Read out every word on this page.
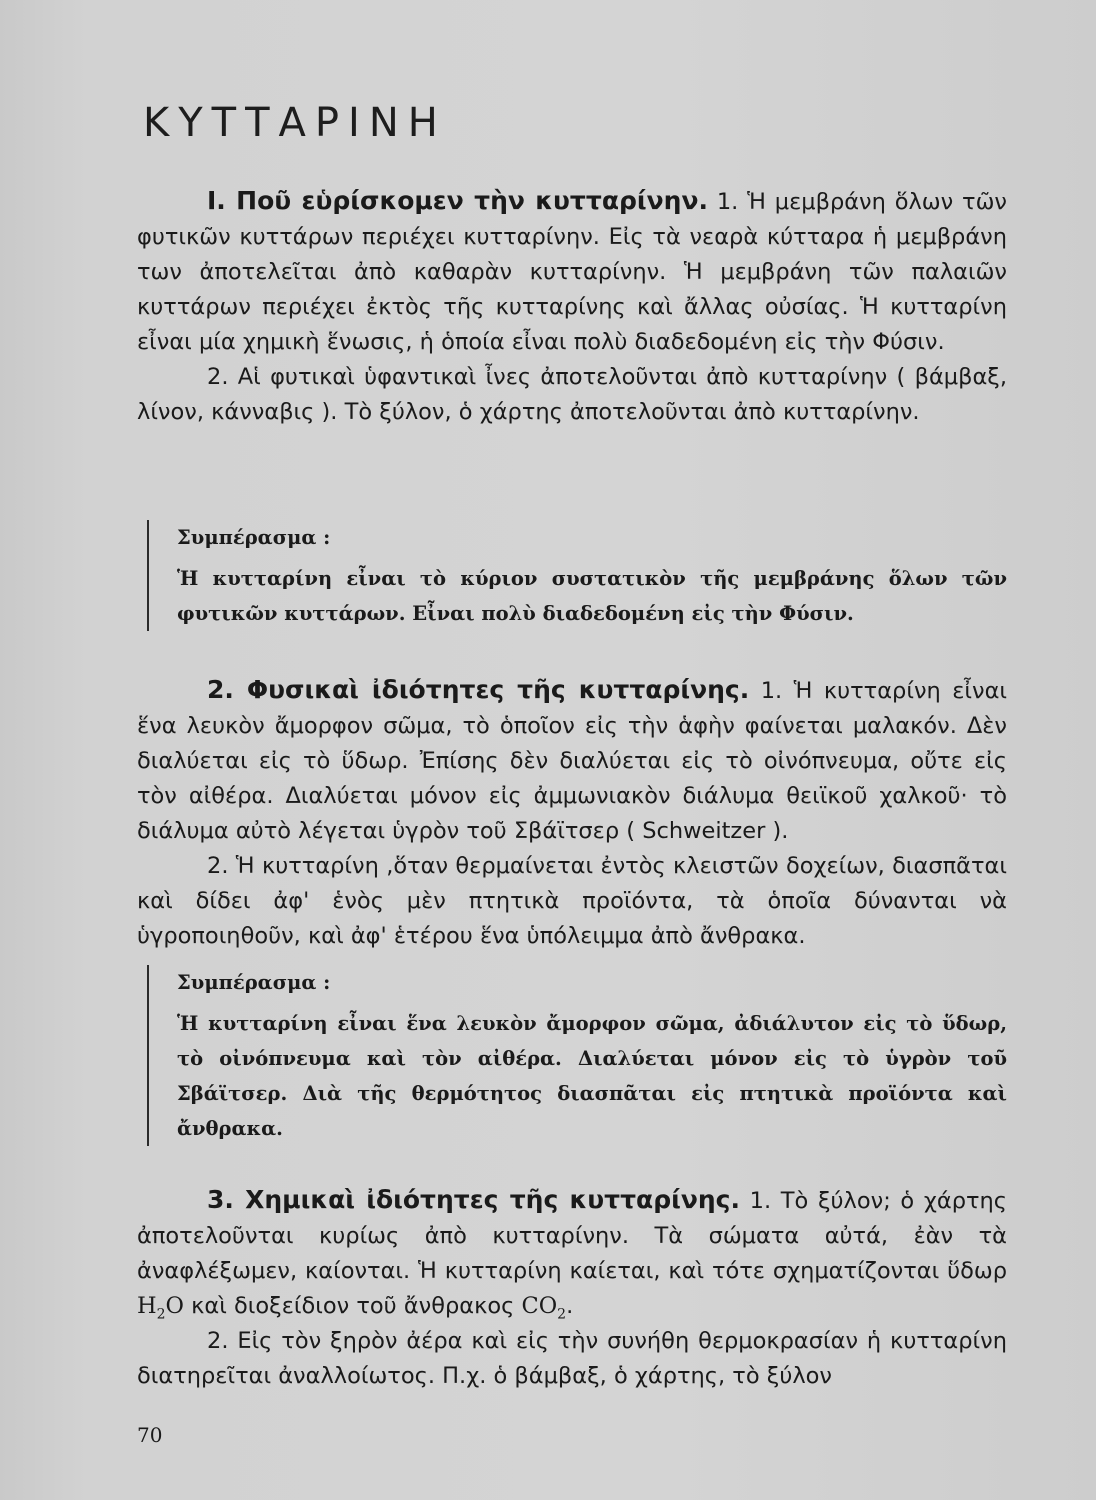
ΚΥΤΤΑΡΙΝΗ

Ι. Ποῦ εὑρίσκομεν τὴν κυτταρίνην. 1. Ἡ μεμβράνη ὅλων τῶν φυτικῶν κυττάρων περιέχει κυτταρίνην. Εἰς τὰ νεαρὰ κύτταρα ἡ μεμβράνη των ἀποτελεῖται ἀπὸ καθαρὰν κυτταρίνην. Ἡ μεμβράνη τῶν παλαιῶν κυττάρων περιέχει ἐκτὸς τῆς κυτταρίνης καὶ ἄλλας οὐσίας. Ἡ κυτταρίνη εἶναι μία χημικὴ ἕνωσις, ἡ ὁποία εἶναι πολὺ διαδεδομένη εἰς τὴν Φύσιν.

2. Αἱ φυτικαὶ ὑφαντικαὶ ἶνες ἀποτελοῦνται ἀπὸ κυτταρίνην ( βάμβαξ, λίνον, κάνναβις ). Τὸ ξύλον, ὁ χάρτης ἀποτελοῦνται ἀπὸ κυτταρίνην.

Συμπέρασμα :

Ἡ κυτταρίνη εἶναι τὸ κύριον συστατικὸν τῆς μεμβράνης ὅλων τῶν φυτικῶν κυττάρων. Εἶναι πολὺ διαδεδομένη εἰς τὴν Φύσιν.

2. Φυσικαὶ ἰδιότητες τῆς κυτταρίνης. 1. Ἡ κυτταρίνη εἶναι ἕνα λευκὸν ἄμορφον σῶμα, τὸ ὁποῖον εἰς τὴν ἁφὴν φαίνεται μαλακόν. Δὲν διαλύεται εἰς τὸ ὕδωρ. Ἐπίσης δὲν διαλύεται εἰς τὸ οἰνόπνευμα, οὔτε εἰς τὸν αἰθέρα. Διαλύεται μόνον εἰς ἀμμωνιακὸν διάλυμα θειϊκοῦ χαλκοῦ· τὸ διάλυμα αὐτὸ λέγεται ὑγρὸν τοῦ Σβάϊτσερ ( Schweitzer ).

2. Ἡ κυτταρίνη ,ὅταν θερμαίνεται ἐντὸς κλειστῶν δοχείων, διασπᾶται καὶ δίδει ἀφ' ἑνὸς μὲν πτητικὰ προϊόντα, τὰ ὁποῖα δύνανται νὰ ὑγροποιηθοῦν, καὶ ἀφ' ἑτέρου ἕνα ὑπόλειμμα ἀπὸ ἄνθρακα.

Συμπέρασμα :

Ἡ κυτταρίνη εἶναι ἕνα λευκὸν ἄμορφον σῶμα, ἀδιάλυτον εἰς τὸ ὕδωρ, τὸ οἰνόπνευμα καὶ τὸν αἰθέρα. Διαλύεται μόνον εἰς τὸ ὑγρὸν τοῦ Σβάϊτσερ. Διὰ τῆς θερμότητος διασπᾶται εἰς πτητικὰ προϊόντα καὶ ἄνθρακα.

3. Χημικαὶ ἰδιότητες τῆς κυτταρίνης. 1. Τὸ ξύλον; ὁ χάρτης ἀποτελοῦνται κυρίως ἀπὸ κυτταρίνην. Τὰ σώματα αὐτά, ἐὰν τὰ ἀναφλέξωμεν, καίονται. Ἡ κυτταρίνη καίεται, καὶ τότε σχηματίζονται ὕδωρ $H_2O$ καὶ διοξείδιον τοῦ ἄνθρακος $CO_2$.

2. Εἰς τὸν ξηρὸν ἀέρα καὶ εἰς τὴν συνήθη θερμοκρασίαν ἡ κυτταρίνη διατηρεῖται ἀναλλοίωτος. Π.χ. ὁ βάμβαξ, ὁ χάρτης, τὸ ξύλον

70
